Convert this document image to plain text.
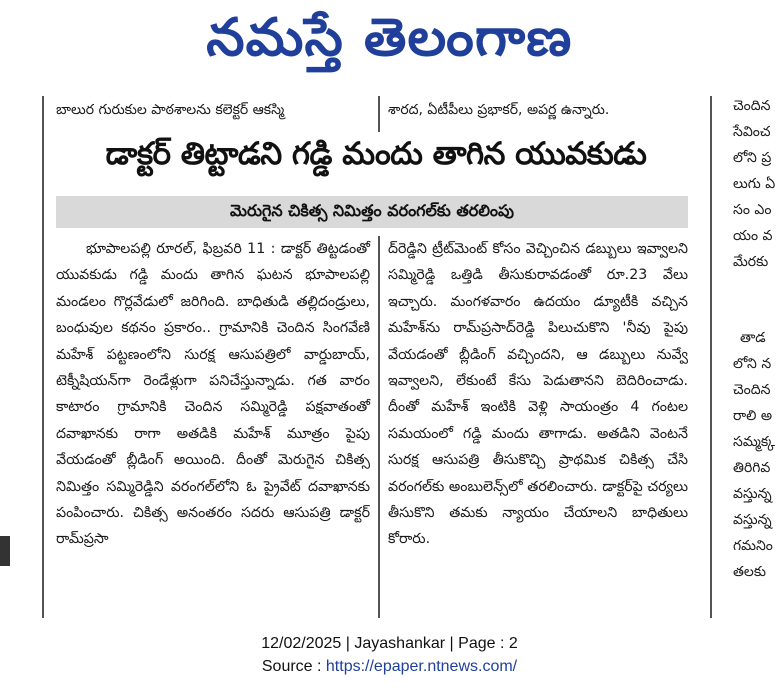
నమస్తే తెలంగాణ
బాలుర గురుకుల పాఠశాలను కలెక్టర్ ఆకస్మి	శారద, ఏటీపీలు ప్రభాకర్, అపర్ణ ఉన్నారు.
డాక్టర్ తిట్టాడని గడ్డి మందు తాగిన యువకుడు
మెరుగైన చికిత్స నిమిత్తం వరంగల్‌కు తరలింపు

భూపాలపల్లి రూరల్, ఫిబ్రవరి 11 : డాక్టర్ తిట్టడంతో యువకుడు గడ్డి మందు తాగిన ఘటన భూపాలపల్లి మండలం గొర్లవేడులో జరిగింది. బాధితుడి తల్లిదండ్రులు, బంధువుల కథనం ప్రకారం.. గ్రామానికి చెందిన సింగవేణి మహేశ్ పట్టణంలోని సురక్ష ఆసుపత్రిలో వార్డుబాయ్, టెక్నీషియన్‌గా రెండేళ్లుగా పనిచేస్తున్నాడు. గత వారం కాటారం గ్రామానికి చెందిన సమ్మిరెడ్డి పక్షవాతంతో దవాఖానకు రాగా అతడికి మహేశ్ మూత్రం పైపు వేయడంతో బ్లీడింగ్ అయింది. దీంతో మెరుగైన చికిత్స నిమిత్తం సమ్మిరెడ్డిని వరంగల్‌లోని ఓ ప్రైవేట్ దవాఖానకు పంపించారు. చికిత్స అనంతరం సదరు ఆసుపత్రి డాక్టర్ రామ్‌ప్రసా

ద్‌రెడ్డిని ట్రీట్‌మెంట్ కోసం వెచ్చించిన డబ్బులు ఇవ్వాలని సమ్మిరెడ్డి ఒత్తిడి తీసుకురావడంతో రూ.23 వేలు ఇచ్చారు. మంగళవారం ఉదయం డ్యూటీకి వచ్చిన మహేశ్‌ను రామ్‌ప్రసాద్‌రెడ్డి పిలుచుకొని 'నీవు పైపు వేయడంతో బ్లీడింగ్ వచ్చిందని, ఆ డబ్బులు నువ్వే ఇవ్వాలని, లేకుంటే కేసు పెడుతానని బెదిరించాడు. దీంతో మహేశ్ ఇంటికి వెళ్లి సాయంత్రం 4 గంటల సమయంలో గడ్డి మందు తాగాడు. అతడిని వెంటనే సురక్ష ఆసుపత్రి తీసుకొచ్చి ప్రాథమిక చికిత్స చేసి వరంగల్‌కు అంబులెన్స్‌లో తరలించారు. డాక్టర్‌పై చర్యలు తీసుకొని తమకు న్యాయం చేయాలని బాధితులు కోరారు.

చెందిన
సేవించ
లోని ప్ర
లుగు ఏ
సం ఎం
యం వ
మేరకు
తాడ
లోని న
చెందిన
రాలి అ
సమ్మక్క
తిరిగివ
వస్తున్న
వస్తున్న
గమనిం
తలకు
12/02/2025 | Jayashankar | Page : 2
Source : https://epaper.ntnews.com/
